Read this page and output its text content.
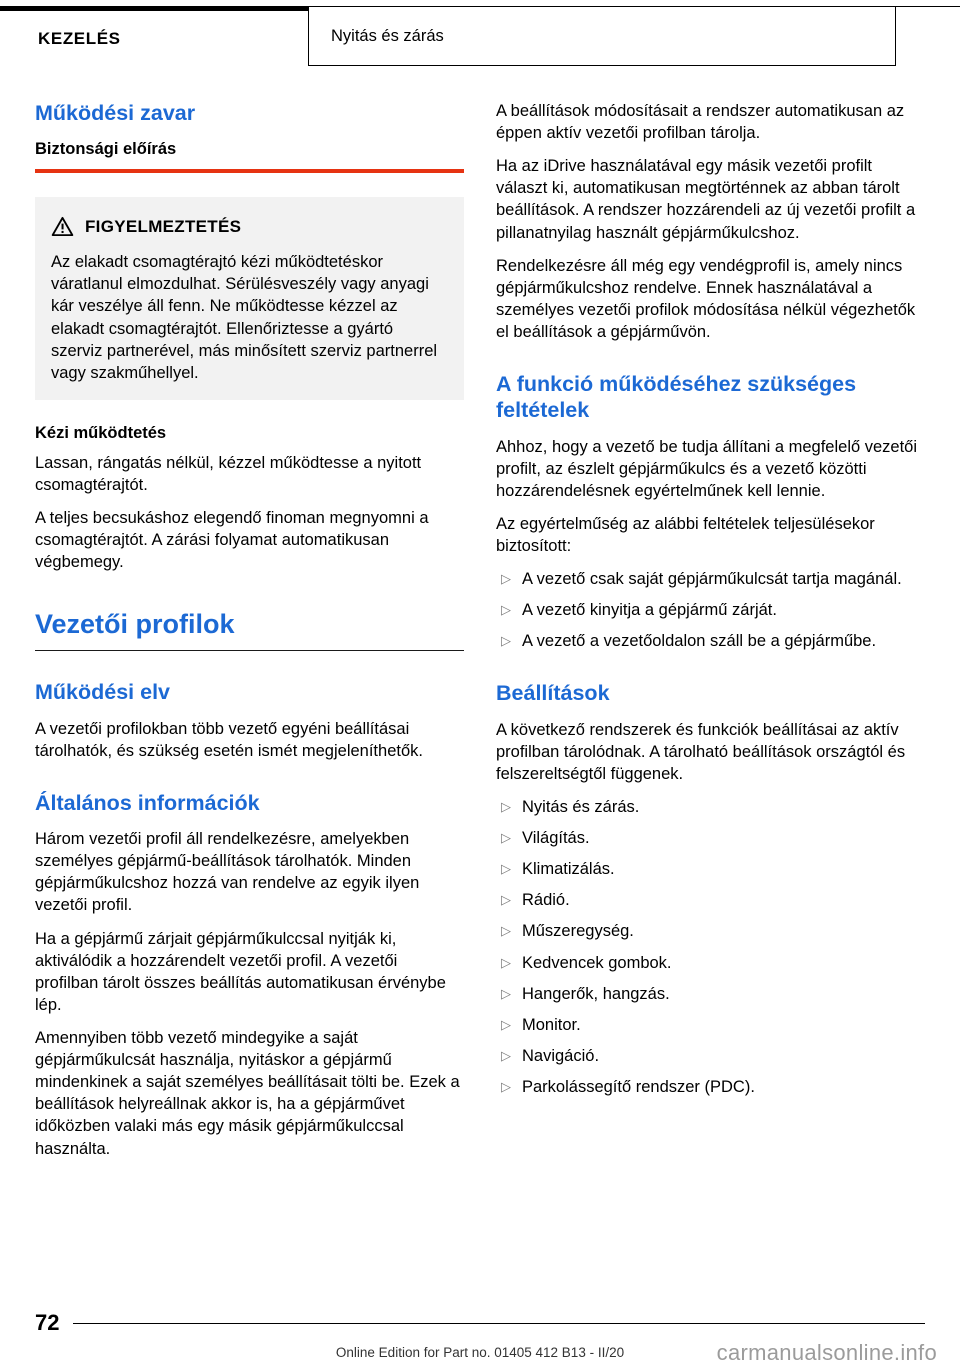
KEZELÉS	Nyitás és zárás
Működési zavar
Biztonsági előírás
FIGYELMEZTETÉS

Az elakadt csomagtérajtó kézi működtetéskor váratlanul elmozdulhat. Sérülésveszély vagy anyagi kár veszélye áll fenn. Ne működtesse kézzel az elakadt csomagtérajtót. Ellenőriztesse a gyártó szerviz partnerével, más minősített szerviz partnerrel vagy szakműhellyel.

Kézi működtetés

Lassan, rángatás nélkül, kézzel működtesse a nyitott csomagtérajtót.

A teljes becsukáshoz elegendő finoman megnyomni a csomagtérajtót. A zárási folyamat automatikusan végbemegy.

Vezetői profilok
Működési elv

A vezetői profilokban több vezető egyéni beállításai tárolhatók, és szükség esetén ismét megjeleníthetők.

Általános információk

Három vezetői profil áll rendelkezésre, amelyekben személyes gépjármű-beállítások tárolhatók. Minden gépjárműkulcshoz hozzá van rendelve az egyik ilyen vezetői profil.

Ha a gépjármű zárjait gépjárműkulccsal nyitják ki, aktiválódik a hozzárendelt vezetői profil. A vezetői profilban tárolt összes beállítás automatikusan érvénybe lép.

Amennyiben több vezető mindegyike a saját gépjárműkulcsát használja, nyitáskor a gépjármű mindenkinek a saját személyes beállításait tölti be. Ezek a beállítások helyreállnak akkor is, ha a gépjárművet időközben valaki más egy másik gépjárműkulccsal használta.

A beállítások módosításait a rendszer automatikusan az éppen aktív vezetői profilban tárolja.

Ha az iDrive használatával egy másik vezetői profilt választ ki, automatikusan megtörténnek az abban tárolt beállítások. A rendszer hozzárendeli az új vezetői profilt a pillanatnyilag használt gépjárműkulcshoz.

Rendelkezésre áll még egy vendégprofil is, amely nincs gépjárműkulcshoz rendelve. Ennek használatával a személyes vezetői profilok módosítása nélkül végezhetők el beállítások a gépjárművön.

A funkció működéséhez szükséges feltételek

Ahhoz, hogy a vezető be tudja állítani a megfelelő vezetői profilt, az észlelt gépjárműkulcs és a vezető közötti hozzárendelésnek egyértelműnek kell lennie.

Az egyértelműség az alábbi feltételek teljesülésekor biztosított:

▷ A vezető csak saját gépjárműkulcsát tartja magánál.
▷ A vezető kinyitja a gépjármű zárját.
▷ A vezető a vezetőoldalon száll be a gépjárműbe.
Beállítások

A következő rendszerek és funkciók beállításai az aktív profilban tárolódnak. A tárolható beállítások országtól és felszereltségtől függenek.

▷ Nyitás és zárás.
▷ Világítás.
▷ Klimatizálás.
▷ Rádió.
▷ Műszeregység.
▷ Kedvencek gombok.
▷ Hangerők, hangzás.
▷ Monitor.
▷ Navigáció.
▷ Parkolássegítő rendszer (PDC).
72
Online Edition for Part no. 01405 412 B13 - II/20	carmanualsonline.info
